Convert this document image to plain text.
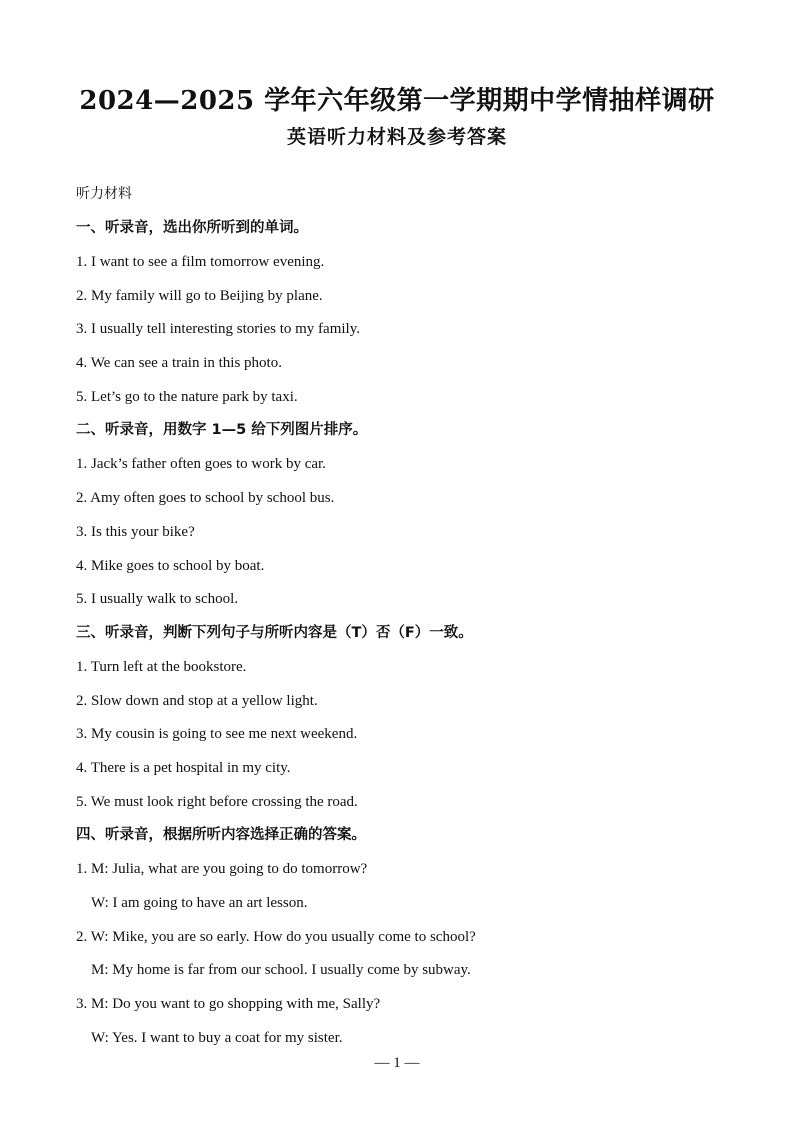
2024—2025 学年六年级第一学期期中学情抽样调研
英语听力材料及参考答案
听力材料
一、听录音，选出你所听到的单词。
1. I want to see a film tomorrow evening.
2. My family will go to Beijing by plane.
3. I usually tell interesting stories to my family.
4. We can see a train in this photo.
5. Let’s go to the nature park by taxi.
二、听录音，用数字 1—5 给下列图片排序。
1. Jack’s father often goes to work by car.
2. Amy often goes to school by school bus.
3. Is this your bike?
4. Mike goes to school by boat.
5. I usually walk to school.
三、听录音，判断下列句子与所听内容是（T）否（F）一致。
1. Turn left at the bookstore.
2. Slow down and stop at a yellow light.
3. My cousin is going to see me next weekend.
4. There is a pet hospital in my city.
5. We must look right before crossing the road.
四、听录音，根据所听内容选择正确的答案。
1. M: Julia, what are you going to do tomorrow?
W: I am going to have an art lesson.
2. W: Mike, you are so early. How do you usually come to school?
M: My home is far from our school. I usually come by subway.
3. M: Do you want to go shopping with me, Sally?
W: Yes. I want to buy a coat for my sister.
— 1 —
